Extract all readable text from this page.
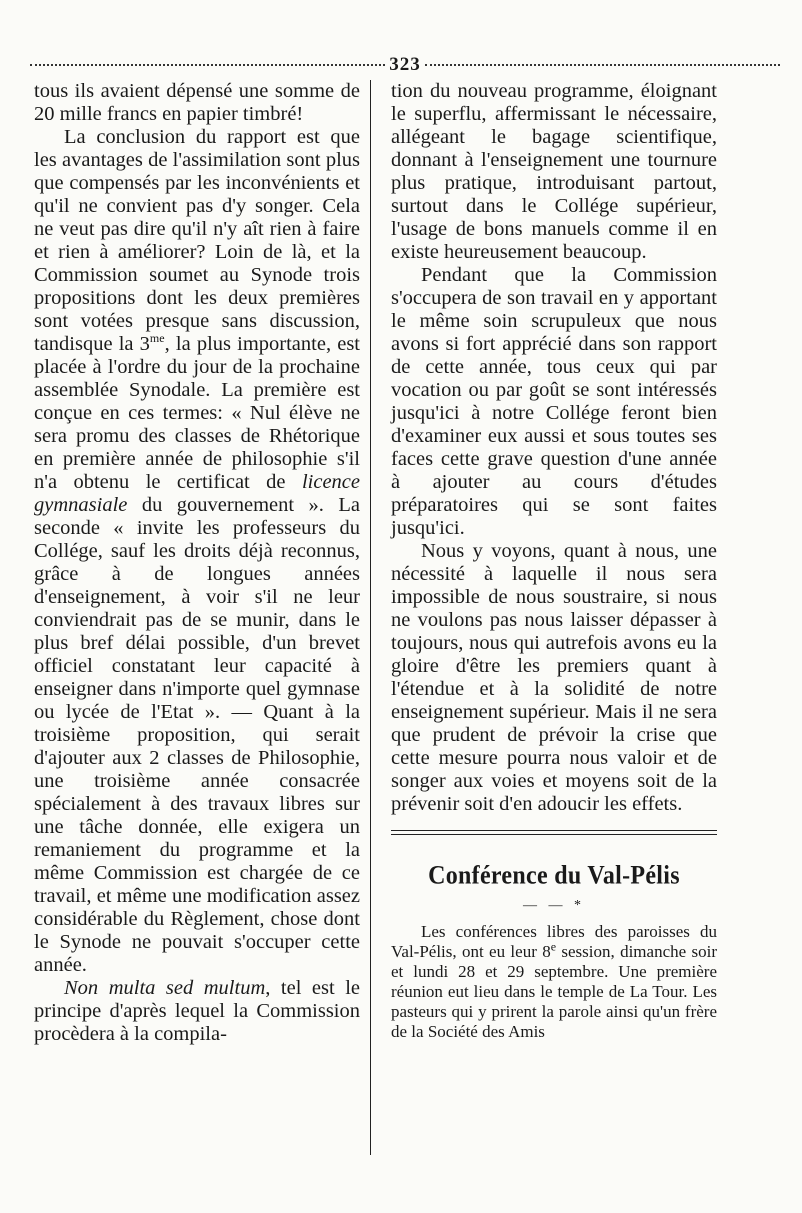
323

tous ils avaient dépensé une somme de 20 mille francs en papier timbré!

La conclusion du rapport est que les avantages de l'assimilation sont plus que compensés par les inconvénients et qu'il ne convient pas d'y songer. Cela ne veut pas dire qu'il n'y aît rien à faire et rien à améliorer? Loin de là, et la Commission soumet au Synode trois propositions dont les deux premières sont votées presque sans discussion, tandisque la $3^{me}$, la plus importante, est placée à l'ordre du jour de la prochaine assemblée Synodale. La première est conçue en ces termes: « Nul élève ne sera promu des classes de Rhétorique en première année de philosophie s'il n'a obtenu le certificat de licence gymnasiale du gouvernement ». La seconde « invite les professeurs du Collége, sauf les droits déjà reconnus, grâce à de longues années d'enseignement, à voir s'il ne leur conviendrait pas de se munir, dans le plus bref délai possible, d'un brevet officiel constatant leur capacité à enseigner dans n'importe quel gymnase ou lycée de l'Etat ». — Quant à la troisième proposition, qui serait d'ajouter aux 2 classes de Philosophie, une troisième année consacrée spécialement à des travaux libres sur une tâche donnée, elle exigera un remaniement du programme et la même Commission est chargée de ce travail, et même une modification assez considérable du Règlement, chose dont le Synode ne pouvait s'occuper cette année.

Non multa sed multum, tel est le principe d'après lequel la Commission procèdera à la compila-

tion du nouveau programme, éloignant le superflu, affermissant le nécessaire, allégeant le bagage scientifique, donnant à l'enseignement une tournure plus pratique, introduisant partout, surtout dans le Collége supérieur, l'usage de bons manuels comme il en existe heureusement beaucoup.

Pendant que la Commission s'occupera de son travail en y apportant le même soin scrupuleux que nous avons si fort apprécié dans son rapport de cette année, tous ceux qui par vocation ou par goût se sont intéressés jusqu'ici à notre Collége feront bien d'examiner eux aussi et sous toutes ses faces cette grave question d'une année à ajouter au cours d'études préparatoires qui se sont faites jusqu'ici.

Nous y voyons, quant à nous, une nécessité à laquelle il nous sera impossible de nous soustraire, si nous ne voulons pas nous laisser dépasser à toujours, nous qui autrefois avons eu la gloire d'être les premiers quant à l'étendue et à la solidité de notre enseignement supérieur. Mais il ne sera que prudent de prévoir la crise que cette mesure pourra nous valoir et de songer aux voies et moyens soit de la prévenir soit d'en adoucir les effets.

Conférence du Val-Pélis
— — *

Les conférences libres des paroisses du Val-Pélis, ont eu leur 8e session, dimanche soir et lundi 28 et 29 septembre. Une première réunion eut lieu dans le temple de La Tour. Les pasteurs qui y prirent la parole ainsi qu'un frère de la Société des Amis
